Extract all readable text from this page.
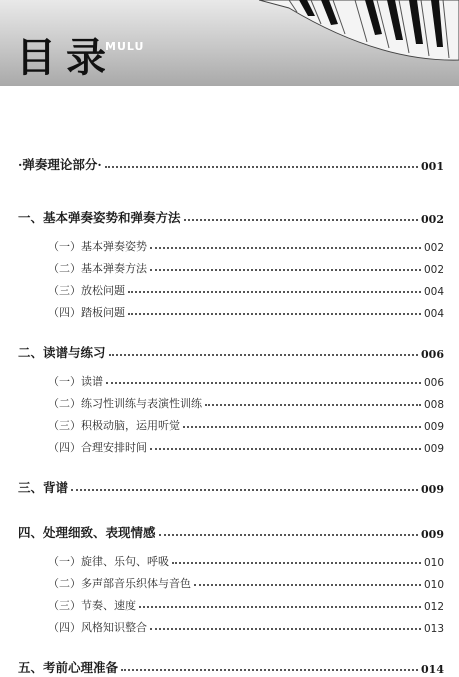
目录
MULU
·弹奏理论部分·	001
一、基本弹奏姿势和弹奏方法	002
（一）基本弹奏姿势	002
（二）基本弹奏方法	002
（三）放松问题	004
（四）踏板问题	004
二、读谱与练习	006
（一）读谱	006
（二）练习性训练与表演性训练	008
（三）积极动脑，运用听觉	009
（四）合理安排时间	009
三、背谱	009
四、处理细致、表现情感	009
（一）旋律、乐句、呼吸	010
（二）多声部音乐织体与音色	010
（三）节奏、速度	012
（四）风格知识整合	013
五、考前心理准备	014
